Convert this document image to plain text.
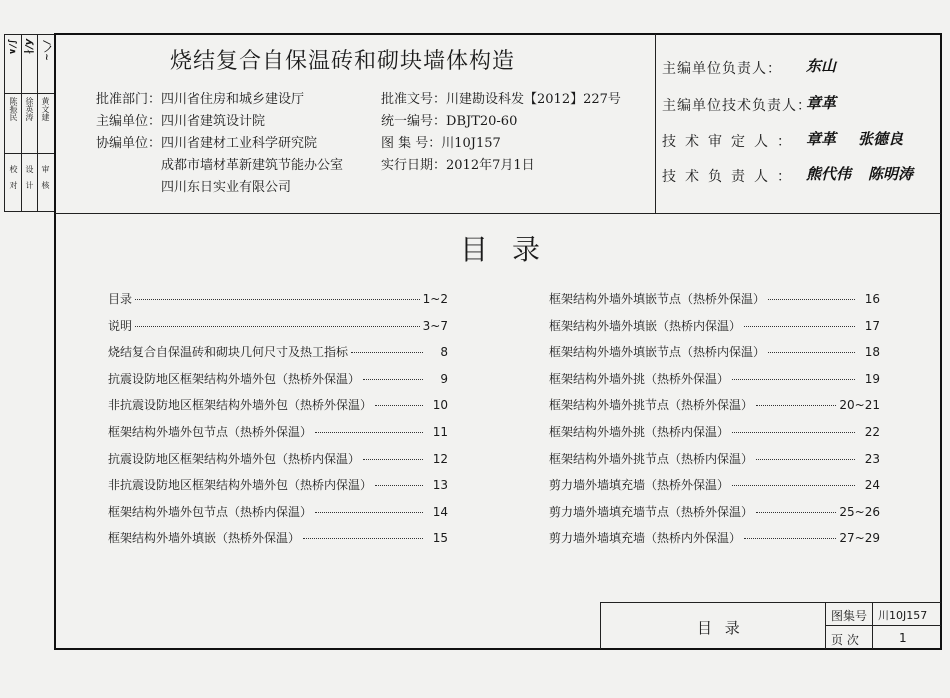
∫∕∧ ʎ∕∤ ∕ノ~
陈振民 徐英涛 黄文建
校对 设计 审核
烧结复合自保温砖和砌块墙体构造
批准部门：四川省住房和城乡建设厅
主编单位：四川省建筑设计院
协编单位：四川省建材工业科学研究院
成都市墙材革新建筑节能办公室
四川东日实业有限公司
批准文号：川建勘设科发【2012】227号
统一编号：DBJT20-60
图 集 号：川10J157
实行日期：2012年7月1日
主编单位负责人： 东山
主编单位技术负责人：
章革
技术审定人： 章革 张德良
技术负责人： 熊代伟 陈明涛
目录
目录	1~2
说明	3~7
烧结复合自保温砖和砌块几何尺寸及热工指标	8
抗震设防地区框架结构外墙外包（热桥外保温）	9
非抗震设防地区框架结构外墙外包（热桥外保温）	10
框架结构外墙外包节点（热桥外保温）	11
抗震设防地区框架结构外墙外包（热桥内保温）	12
非抗震设防地区框架结构外墙外包（热桥内保温）	13
框架结构外墙外包节点（热桥内保温）	14
框架结构外墙外填嵌（热桥外保温）	15
框架结构外墙外填嵌节点（热桥外保温）	16
框架结构外墙外填嵌（热桥内保温）	17
框架结构外墙外填嵌节点（热桥内保温）	18
框架结构外墙外挑（热桥外保温）	19
框架结构外墙外挑节点（热桥外保温）	20~21
框架结构外墙外挑（热桥内保温）	22
框架结构外墙外挑节点（热桥内保温）	23
剪力墙外墙填充墙（热桥外保温）	24
剪力墙外墙填充墙节点（热桥外保温）	25~26
剪力墙外墙填充墙（热桥内外保温）	27~29
目 录
图集号 川10J157
页 次	1
